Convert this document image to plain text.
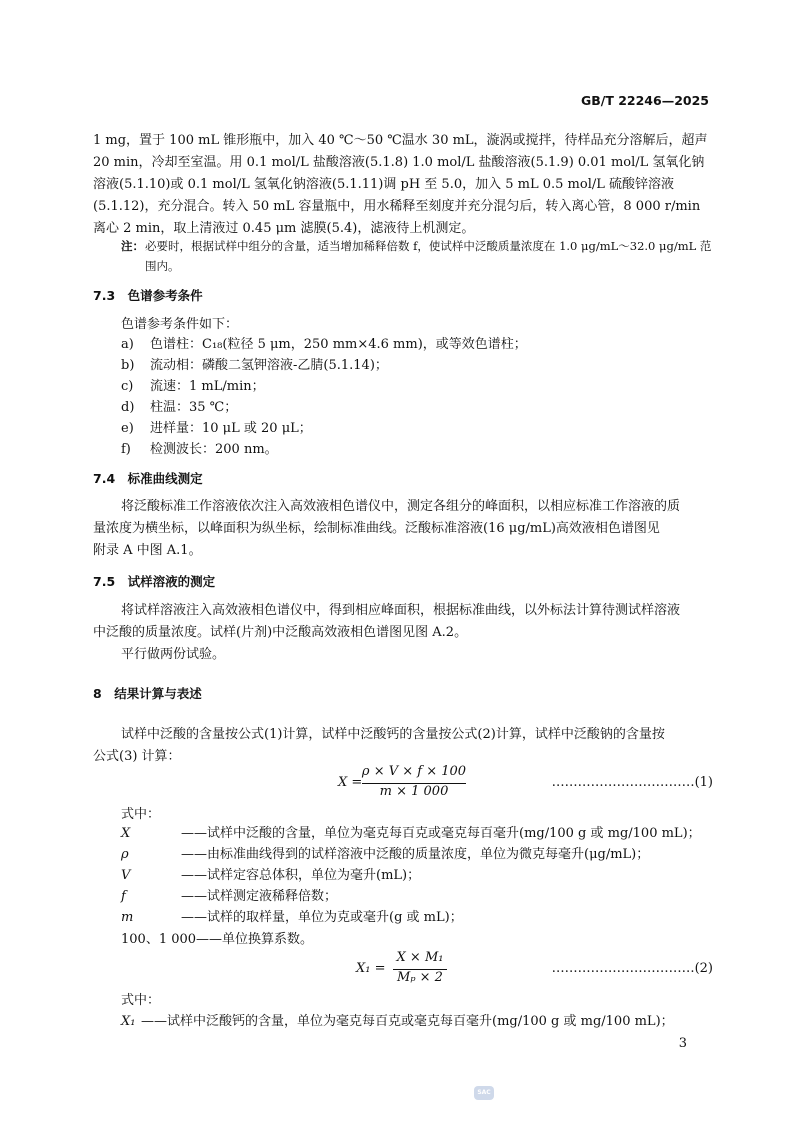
GB/T 22246—2025
1 mg，置于 100 mL 锥形瓶中，加入 40 ℃～50 ℃温水 30 mL，漩涡或搅拌，待样品充分溶解后，超声
20 min，冷却至室温。用 0.1 mol/L 盐酸溶液(5.1.8) 1.0 mol/L 盐酸溶液(5.1.9) 0.01 mol/L 氢氧化钠
溶液(5.1.10)或 0.1 mol/L 氢氧化钠溶液(5.1.11)调 pH 至 5.0，加入 5 mL 0.5 mol/L 硫酸锌溶液
(5.1.12)，充分混合。转入 50 mL 容量瓶中，用水稀释至刻度并充分混匀后，转入离心管，8 000 r/min
离心 2 min，取上清液过 0.45 μm 滤膜(5.4)，滤液待上机测定。
注： 必要时，根据试样中组分的含量，适当增加稀释倍数 f，使试样中泛酸质量浓度在 1.0 μg/mL～32.0 μg/mL 范
围内。
7.3　色谱参考条件
色谱参考条件如下：
a) 色谱柱：C₁₈(粒径 5 μm，250 mm×4.6 mm)，或等效色谱柱；
b) 流动相：磷酸二氢钾溶液-乙腈(5.1.14)；
c) 流速：1 mL/min；
d) 柱温：35 ℃；
e) 进样量：10 μL 或 20 μL；
f) 检测波长：200 nm。
7.4　标准曲线测定
将泛酸标准工作溶液依次注入高效液相色谱仪中，测定各组分的峰面积，以相应标准工作溶液的质
量浓度为横坐标，以峰面积为纵坐标，绘制标准曲线。泛酸标准溶液(16 μg/mL)高效液相色谱图见
附录 A 中图 A.1。
7.5　试样溶液的测定
将试样溶液注入高效液相色谱仪中，得到相应峰面积，根据标准曲线，以外标法计算待测试样溶液
中泛酸的质量浓度。试样(片剂)中泛酸高效液相色谱图见图 A.2。
平行做两份试验。
8　结果计算与表述
试样中泛酸的含量按公式(1)计算，试样中泛酸钙的含量按公式(2)计算，试样中泛酸钠的含量按
公式(3) 计算：
X =
ρ × V × f × 100
m × 1 000
……………………………(1)
式中：
X	——试样中泛酸的含量，单位为毫克每百克或毫克每百毫升(mg/100 g 或 mg/100 mL)；
ρ	——由标准曲线得到的试样溶液中泛酸的质量浓度，单位为微克每毫升(μg/mL)；
V	——试样定容总体积，单位为毫升(mL)；
f	——试样测定液稀释倍数；
m	——试样的取样量，单位为克或毫升(g 或 mL)；
100、1 000——单位换算系数。
X₁ =
X × M₁
Mₚ × 2
……………………………(2)
式中：
X₁ ——试样中泛酸钙的含量，单位为毫克每百克或毫克每百毫升(mg/100 g 或 mg/100 mL)；
3
SAC
